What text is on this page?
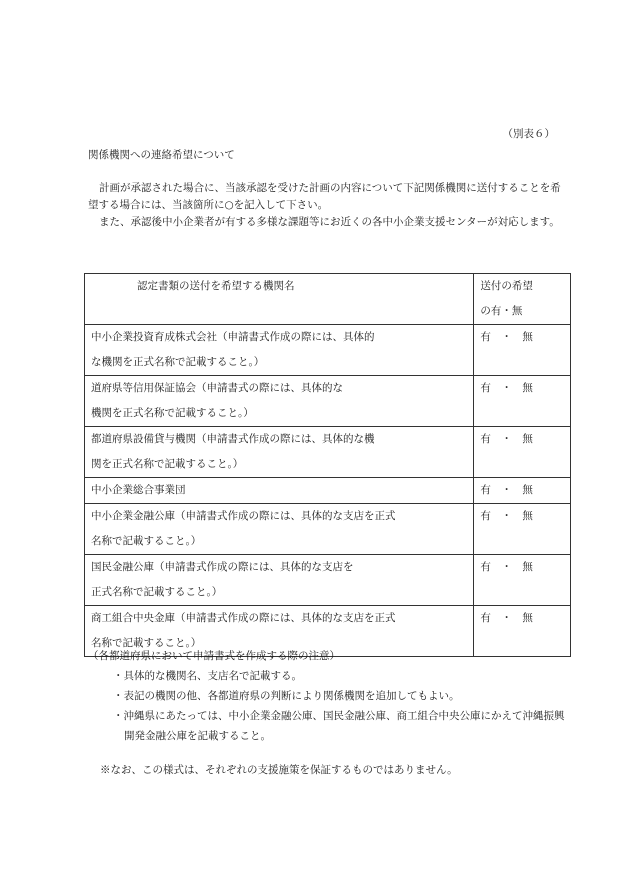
（別表６）
関係機関への連絡希望について

計画が承認された場合に、当該承認を受けた計画の内容について下記関係機関に送付することを希望する場合には、当該箇所に○を記入して下さい。

また、承認後中小企業者が有する多様な課題等にお近くの各中小企業支援センターが対応します。

認定書類の送付を希望する機関名	送付の希望
の有・無

中小企業投資育成株式会社（申請書式作成の際には、具体的
な機関を正式名称で記載すること。）	有　・　無

道府県等信用保証協会（申請書式の際には、具体的な
機関を正式名称で記載すること。）	有　・　無

都道府県設備貸与機関（申請書式作成の際には、具体的な機
関を正式名称で記載すること。）	有　・　無

中小企業総合事業団	有　・　無

中小企業金融公庫（申請書式作成の際には、具体的な支店を正式
名称で記載すること。）	有　・　無

国民金融公庫（申請書式作成の際には、具体的な支店を
正式名称で記載すること。）	有　・　無

商工組合中央金庫（申請書式作成の際には、具体的な支店を正式
名称で記載すること。）	有　・　無

（各都道府県において申請書式を作成する際の注意）

・具体的な機関名、支店名で記載する。
・表記の機関の他、各都道府県の判断により関係機関を追加してもよい。
・沖縄県にあたっては、中小企業金融公庫、国民金融公庫、商工組合中央公庫にかえて沖縄振興開発金融公庫を記載すること。
※なお、この様式は、それぞれの支援施策を保証するものではありません。
